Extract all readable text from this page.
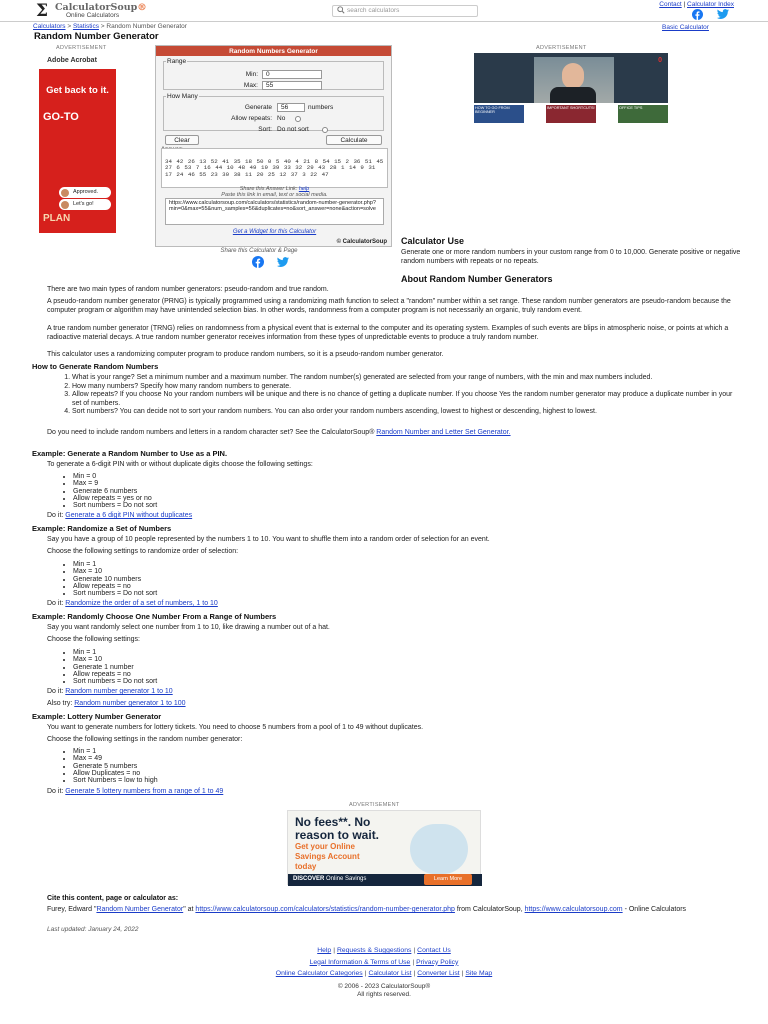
Σ CalculatorSoup®
Online Calculators
search calculators
Contact | Calculator Index
Calculators > Statistics > Random Number Generator	Basic Calculator
Random Number Generator
ADVERTISEMENT
Adobe Acrobat
Get back to it.
GO-TO
Approved.
Let's go!
PLAN
Adobe
Random Numbers Generator
Range
Min:	0
Max:	55
How Many
Generate	56	numbers
Allow repeats: No
Sort: Do not sort
Clear	Calculate
34 42 26 13 52 41 35 18 50 0 5 40 4 21 8 54 15 2 36 51 45 27 6 53 7 16 44 10 48 49 19 39 33 32 29 43 28 1 14 9 31 17 24 46 55 23 30 38 11 20 25 12 37 3 22 47
Share this Answer Link: help
Paste this link in email, text or social media.
https://www.calculatorsoup.com/calculators/statistics/random-number-generator.php?min=0&max=55&num_samples=56&duplicates=no&sort_answer=none&action=solve
Get a Widget for this Calculator
© CalculatorSoup
Share this Calculator & Page
ADVERTISEMENT
0
HOW TO GO FROM BEGINNER
IMPORTANT SHORTCUTS!	OFFICE TIPS
Calculator Use
Generate one or more random numbers in your custom range from 0 to 10,000. Generate positive or negative random numbers with repeats or no repeats.
About Random Number Generators
There are two main types of random number generators: pseudo-random and true random.
A pseudo-random number generator (PRNG) is typically programmed using a randomizing math function to select a "random" number within a set range. These random number generators are pseudo-random because the computer program or algorithm may have unintended selection bias. In other words, randomness from a computer program is not necessarily an organic, truly random event.
A true random number generator (TRNG) relies on randomness from a physical event that is external to the computer and its operating system. Examples of such events are blips in atmospheric noise, or points at which a radioactive material decays. A true random number generator receives information from these types of unpredictable events to produce a truly random number.
This calculator uses a randomizing computer program to produce random numbers, so it is a pseudo-random number generator.
How to Generate Random Numbers
1. What is your range? Set a minimum number and a maximum number. The random number(s) generated are selected from your range of numbers, with the min and max numbers included.
2. How many numbers? Specify how many random numbers to generate.
3. Allow repeats? If you choose No your random numbers will be unique and there is no chance of getting a duplicate number. If you choose Yes the random number generator may produce a duplicate number in your set of numbers.
4. Sort numbers? You can decide not to sort your random numbers. You can also order your random numbers ascending, lowest to highest or descending, highest to lowest.
Do you need to include random numbers and letters in a random character set? See the CalculatorSoup® Random Number and Letter Set Generator.
Example: Generate a Random Number to Use as a PIN.
To generate a 6-digit PIN with or without duplicate digits choose the following settings:
• Min = 0
• Max = 9
• Generate 6 numbers
• Allow repeats = yes or no
• Sort numbers = Do not sort
Do it: Generate a 6 digit PIN without duplicates
Example: Randomize a Set of Numbers
Say you have a group of 10 people represented by the numbers 1 to 10. You want to shuffle them into a random order of selection for an event.
Choose the following settings to randomize order of selection:
• Min = 1
• Max = 10
• Generate 10 numbers
• Allow repeats = no
• Sort numbers = Do not sort
Do it: Randomize the order of a set of numbers, 1 to 10
Example: Randomly Choose One Number From a Range of Numbers
Say you want randomly select one number from 1 to 10, like drawing a number out of a hat.
Choose the following settings:
• Min = 1
• Max = 10
• Generate 1 number
• Allow repeats = no
• Sort numbers = Do not sort
Do it: Random number generator 1 to 10
Also try: Random number generator 1 to 100
Example: Lottery Number Generator
You want to generate numbers for lottery tickets. You need to choose 5 numbers from a pool of 1 to 49 without duplicates.
Choose the following settings in the random number generator:
• Min = 1
• Max = 49
• Generate 5 numbers
• Allow Duplicates = no
• Sort Numbers = low to high
Do it: Generate 5 lottery numbers from a range of 1 to 49
ADVERTISEMENT
No fees**. No reason to wait.
Get your Online Savings Account today
DISCOVER Online Savings	Learn More
Cite this content, page or calculator as:
Furey, Edward "Random Number Generator" at https://www.calculatorsoup.com/calculators/statistics/random-number-generator.php from CalculatorSoup, https://www.calculatorsoup.com - Online Calculators
Last updated: January 24, 2022
Help | Requests & Suggestions | Contact Us
Legal Information & Terms of Use | Privacy Policy
Online Calculator Categories | Calculator List | Converter List | Site Map
© 2006 - 2023 CalculatorSoup®
All rights reserved.
